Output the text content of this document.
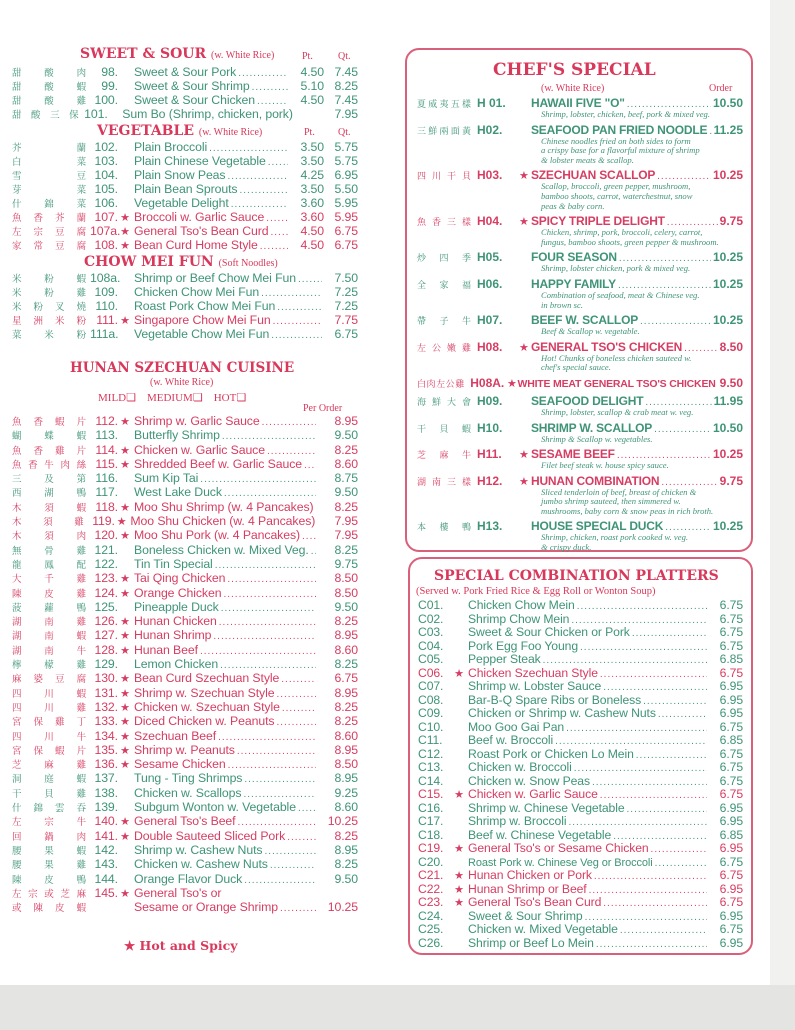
SWEET & SOUR (w. White Rice)	Pt.	Qt.
甜酸肉	98. Sweet & Sour Pork .....	4.50 7.45
甜酸蝦	99. Sweet & Sour Shrimp .....	5.10 8.25
甜酸雞 100. Sweet & Sour Chicken .....	4.50 7.45
甜酸三保 101. Sum Bo (Shrimp, chicken, pork)	7.95
VEGETABLE (w. White Rice)	Pt. Qt.
芥蘭 102. Plain Broccoli .....	3.50 5.75
白菜 103. Plain Chinese Vegetable .....	3.50 5.75
雪豆 104. Plain Snow Peas .....	4.25 6.95
芽菜 105. Plain Bean Sprouts .....	3.50 5.50
什錦菜 106. Vegetable Delight .....	3.60 5.95
魚香芥蘭 107. ★ Broccoli w. Garlic Sauce .....	3.60 5.95
左宗豆腐 107a. ★ General Tso's Bean Curd .....	4.50 6.75
家常豆腐 108. ★ Bean Curd Home Style .....	4.50 6.75
CHOW MEI FUN (Soft Noodles)
米粉蝦 108a. Shrimp or Beef Chow Mei Fun .....	7.50
米粉雞 109. Chicken Chow Mei Fun .....	7.25
米粉叉燒 110. Roast Pork Chow Mei Fun .....	7.25
星洲米粉 111. ★ Singapore Chow Mei Fun .....	7.75
菜米粉 111a. Vegetable Chow Mei Fun .....	6.75
HUNAN SZECHUAN CUISINE
(w. White Rice)
MILD❏ MEDIUM❏ HOT❏
Per Order
魚香蝦片 112. ★ Shrimp w. Garlic Sauce .....	8.95
蝴蝶蝦 113. Butterfly Shrimp .....	9.50
魚香雞片 114. ★ Chicken w. Garlic Sauce .....	8.25
魚香牛肉絲 115. ★ Shredded Beef w. Garlic Sauce .....	8.60
三及第 116. Sum Kip Tai .....	8.75
西湖鴨 117. West Lake Duck .....	9.50
木須蝦 118. ★ Moo Shu Shrimp (w. 4 Pancakes) .....	8.25
木須雞 119. ★ Moo Shu Chicken (w. 4 Pancakes)	7.95
木須肉 120. ★ Moo Shu Pork (w. 4 Pancakes) .....	7.95
無骨雞 121. Boneless Chicken w. Mixed Veg. .....	8.25
龍鳳配 122. Tin Tin Special .....	9.75
大千雞 123. ★ Tai Qing Chicken .....	8.50
陳皮雞 124. ★ Orange Chicken .....	8.50
菠蘿鴨 125. Pineapple Duck .....	9.50
湖南雞 126. ★ Hunan Chicken .....	8.25
湖南蝦 127. ★ Hunan Shrimp .....	8.95
湖南牛 128. ★ Hunan Beef .....	8.60
檸檬雞 129. Lemon Chicken .....	8.25
麻婆豆腐 130. ★ Bean Curd Szechuan Style .....	6.75
四川蝦 131. ★ Shrimp w. Szechuan Style .....	8.95
四川雞 132. ★ Chicken w. Szechuan Style .....	8.25
宮保雞丁 133. ★ Diced Chicken w. Peanuts .....	8.25
四川牛 134. ★ Szechuan Beef .....	8.60
宮保蝦片 135. ★ Shrimp w. Peanuts .....	8.95
芝麻雞 136. ★ Sesame Chicken .....	8.50
洞庭蝦 137. Tung - Ting Shrimps .....	8.95
干貝雞 138. Chicken w. Scallops .....	9.25
什錦雲吞 139. Subgum Wonton w. Vegetable .....	8.60
左宗牛 140. ★ General Tso's Beef .....	10.25
回鍋肉 141. ★ Double Sauteed Sliced Pork .....	8.25
腰果蝦 142. Shrimp w. Cashew Nuts .....	8.95
腰果雞 143. Chicken w. Cashew Nuts .....	8.25
陳皮鴨 144. Orange Flavor Duck .....	9.50
左宗或芝麻 145. ★ General Tso's or
或陳皮蝦	Sesame or Orange Shrimp .....	10.25
★ Hot and Spicy
CHEF'S SPECIAL
(w. White Rice)	Order
夏威夷五樣 H 01.	HAWAII FIVE "O" .....	10.50
Shrimp, lobster, chicken, beef, pork & mixed veg.
三鮮兩面黃 H02.	SEAFOOD PAN FRIED NOODLE ..... 11.25
Chinese noodles fried on both sides to form
a crispy base for a flavorful mixture of shrimp
& lobster meats & scallop.
四川干貝 H03.	★ SZECHUAN SCALLOP .....	10.25
Scallop, broccoli, green pepper, mushroom,
bamboo shoots, carrot, waterchestnut, snow
peas & baby corn.
魚香三樣 H04.	★ SPICY TRIPLE DELIGHT .....	9.75
Chicken, shrimp, pork, broccoli, celery, carrot,
fungus, bamboo shoots, green pepper & mushroom.
炒四季 H05.	FOUR SEASON .....	10.25
Shrimp, lobster chicken, pork & mixed veg.
全家福 H06.	HAPPY FAMILY .....	10.25
Combination of seafood, meat & Chinese veg.
in brown sc.
帶子牛 H07.	BEEF W. SCALLOP .....	10.25
Beef & Scallop w. vegetable.
左公嫩雞 H08.	★ GENERAL TSO'S CHICKEN .....	8.50
Hot! Chunks of boneless chicken sauteed w.
chef's special sauce.
白肉左公雞 H08A. ★ WHITE MEAT GENERAL TSO'S CHICKEN 9.50
海鮮大會 H09.	SEAFOOD DELIGHT .....	11.95
Shrimp, lobster, scallop & crab meat w. veg.
干貝蝦 H10.	SHRIMP W. SCALLOP .....	10.50
Shrimp & Scallop w. vegetables.
芝麻牛 H11.	★ SESAME BEEF .....	10.25
Filet beef steak w. house spicy sauce.
湖南三樣 H12.	★ HUNAN COMBINATION .....	9.75
Sliced tenderloin of beef, breast of chicken &
jumbo shrimp sauteed, then simmered w.
mushrooms, baby corn & snow peas in rich broth.
本樓鴨 H13.	HOUSE SPECIAL DUCK .....	10.25
Shrimp, chicken, roast pork cooked w. veg.
& crispy duck.
SPECIAL COMBINATION PLATTERS
(Served w. Pork Fried Rice & Egg Roll or Wonton Soup)
C01.	Chicken Chow Mein .....	6.75
C02.	Shrimp Chow Mein .....	6.75
C03.	Sweet & Sour Chicken or Pork .....	6.75
C04.	Pork Egg Foo Young .....	6.75
C05.	Pepper Steak .....	6.85
C06. ★ Chicken Szechuan Style .....	6.75
C07.	Shrimp w. Lobster Sauce .....	6.95
C08.	Bar-B-Q Spare Ribs or Boneless .....	6.95
C09.	Chicken or Shrimp w. Cashew Nuts .....	6.95
C10.	Moo Goo Gai Pan .....	6.75
C11.	Beef w. Broccoli .....	6.85
C12.	Roast Pork or Chicken Lo Mein .....	6.75
C13.	Chicken w. Broccoli .....	6.75
C14.	Chicken w. Snow Peas .....	6.75
C15. ★ Chicken w. Garlic Sauce .....	6.75
C16.	Shrimp w. Chinese Vegetable .....	6.95
C17.	Shrimp w. Broccoli .....	6.95
C18.	Beef w. Chinese Vegetable .....	6.85
C19. ★ General Tso's or Sesame Chicken .....	6.95
C20.	Roast Pork w. Chinese Veg or Broccoli .....	6.75
C21. ★ Hunan Chicken or Pork .....	6.75
C22. ★ Hunan Shrimp or Beef .....	6.95
C23. ★ General Tso's Bean Curd .....	6.75
C24.	Sweet & Sour Shrimp .....	6.95
C25.	Chicken w. Mixed Vegetable .....	6.75
C26.	Shrimp or Beef Lo Mein .....	6.95
